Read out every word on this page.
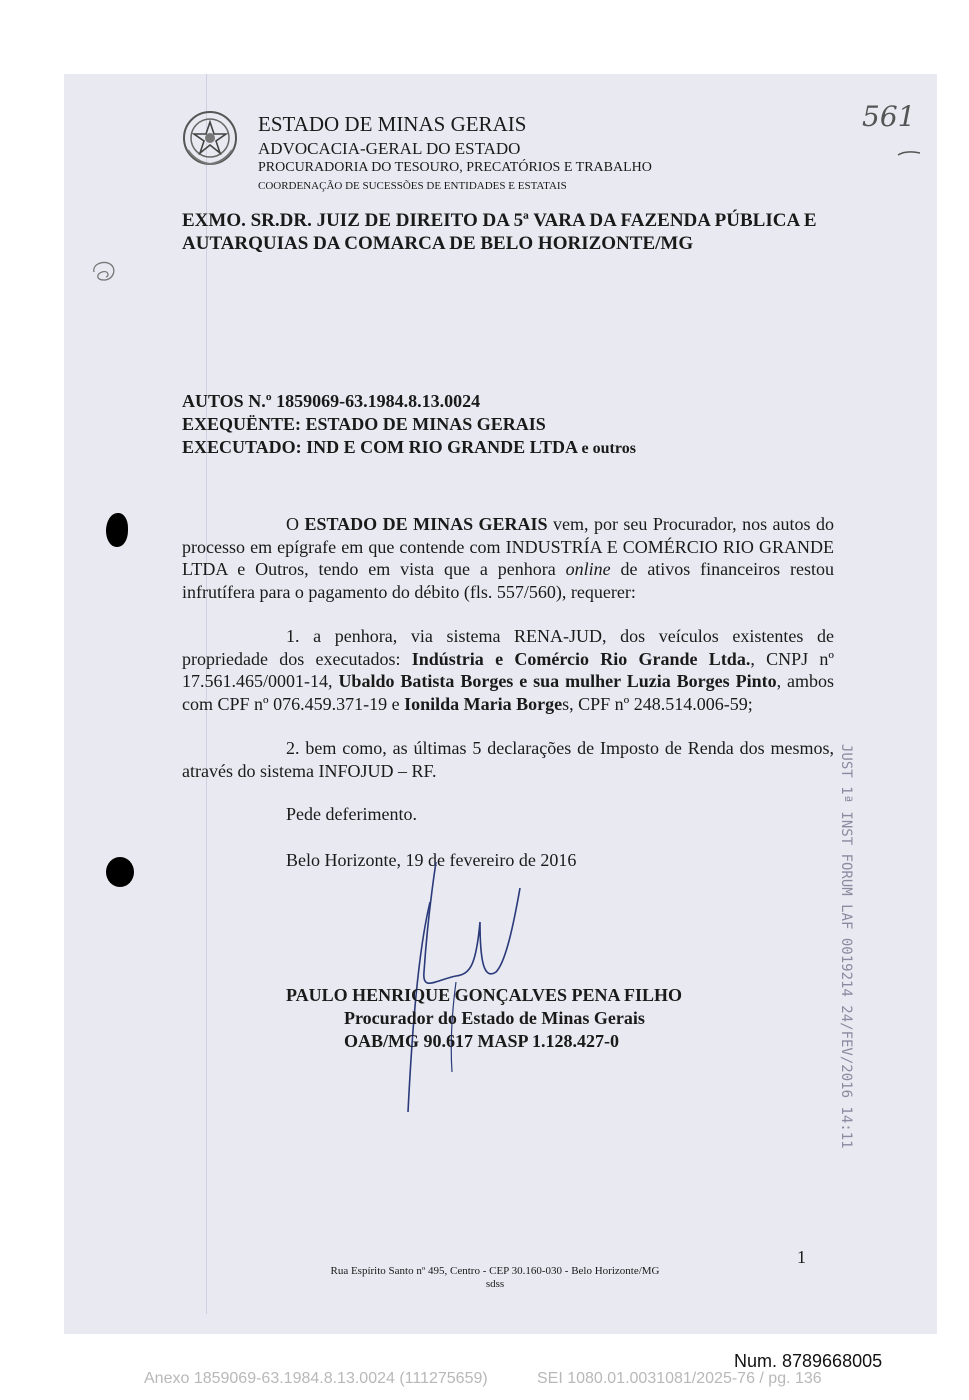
ESTADO DE MINAS GERAIS
ADVOCACIA-GERAL DO ESTADO
PROCURADORIA DO TESOURO, PRECATÓRIOS E TRABALHO
COORDENAÇÃO DE SUCESSÕES DE ENTIDADES E ESTATAIS
561
EXMO. SR.DR. JUIZ DE DIREITO DA 5ª VARA DA FAZENDA PÚBLICA E
AUTARQUIAS DA COMARCA DE BELO HORIZONTE/MG
AUTOS N.º 1859069-63.1984.8.13.0024
EXEQUËNTE: ESTADO DE MINAS GERAIS
EXECUTADO: IND E COM RIO GRANDE LTDA e outros
O ESTADO DE MINAS GERAIS vem, por seu Procurador, nos autos do processo em epígrafe em que contende com INDUSTRÍA E COMÉRCIO RIO GRANDE LTDA e Outros, tendo em vista que a penhora online de ativos financeiros restou infrutífera para o pagamento do débito (fls. 557/560), requerer:
1. a penhora, via sistema RENA-JUD, dos veículos existentes de propriedade dos executados: Indústria e Comércio Rio Grande Ltda., CNPJ nº 17.561.465/0001-14, Ubaldo Batista Borges e sua mulher Luzia Borges Pinto, ambos com CPF nº 076.459.371-19 e Ionilda Maria Borges, CPF nº 248.514.006-59;
2. bem como, as últimas 5 declarações de Imposto de Renda dos mesmos, através do sistema INFOJUD – RF.
Pede deferimento.
Belo Horizonte, 19 de fevereiro de 2016
PAULO HENRIQUE GONÇALVES PENA FILHO
Procurador do Estado de Minas Gerais
OAB/MG 90.617 MASP 1.128.427-0	JUST 1ª INST FORUM LAF 0019214 24/FEV/2016 14:11
1
Rua Espírito Santo nº 495, Centro - CEP 30.160-030 - Belo Horizonte/MG
sdss
Num. 8789668005
Anexo 1859069-63.1984.8.13.0024 (111275659)	SEI 1080.01.0031081/2025-76 / pg. 136
